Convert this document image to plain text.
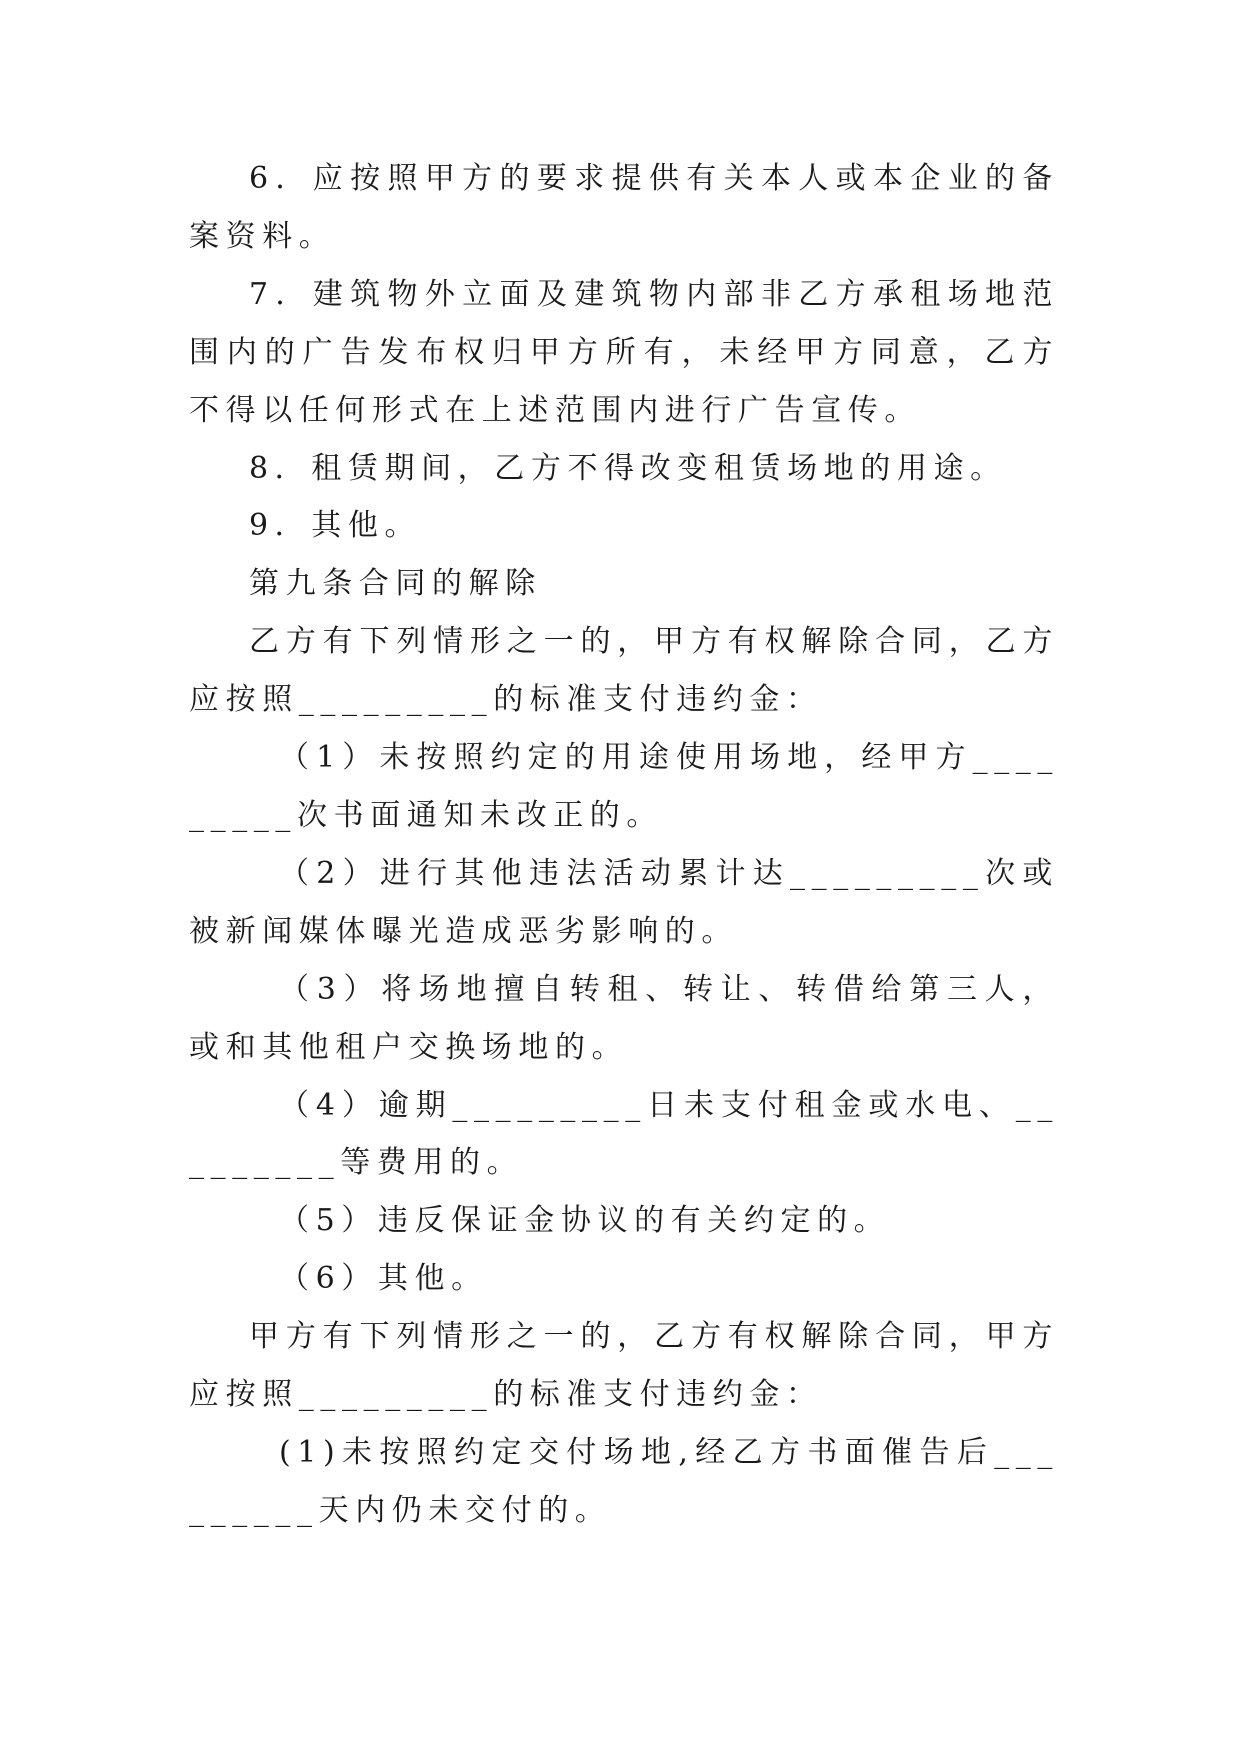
6．应按照甲方的要求提供有关本人或本企业的备案资料。

7．建筑物外立面及建筑物内部非乙方承租场地范围内的广告发布权归甲方所有，未经甲方同意，乙方不得以任何形式在上述范围内进行广告宣传。

8．租赁期间，乙方不得改变租赁场地的用途。

9．其他。

第九条合同的解除

乙方有下列情形之一的，甲方有权解除合同，乙方应按照_________的标准支付违约金：

（1）未按照约定的用途使用场地，经甲方_________次书面通知未改正的。

（2）进行其他违法活动累计达_________次或被新闻媒体曝光造成恶劣影响的。

（3）将场地擅自转租、转让、转借给第三人，或和其他租户交换场地的。

（4）逾期_________日未支付租金或水电、_________等费用的。

（5）违反保证金协议的有关约定的。

（6）其他。

甲方有下列情形之一的，乙方有权解除合同，甲方应按照_________的标准支付违约金：

(1)未按照约定交付场地,经乙方书面催告后_________天内仍未交付的。
